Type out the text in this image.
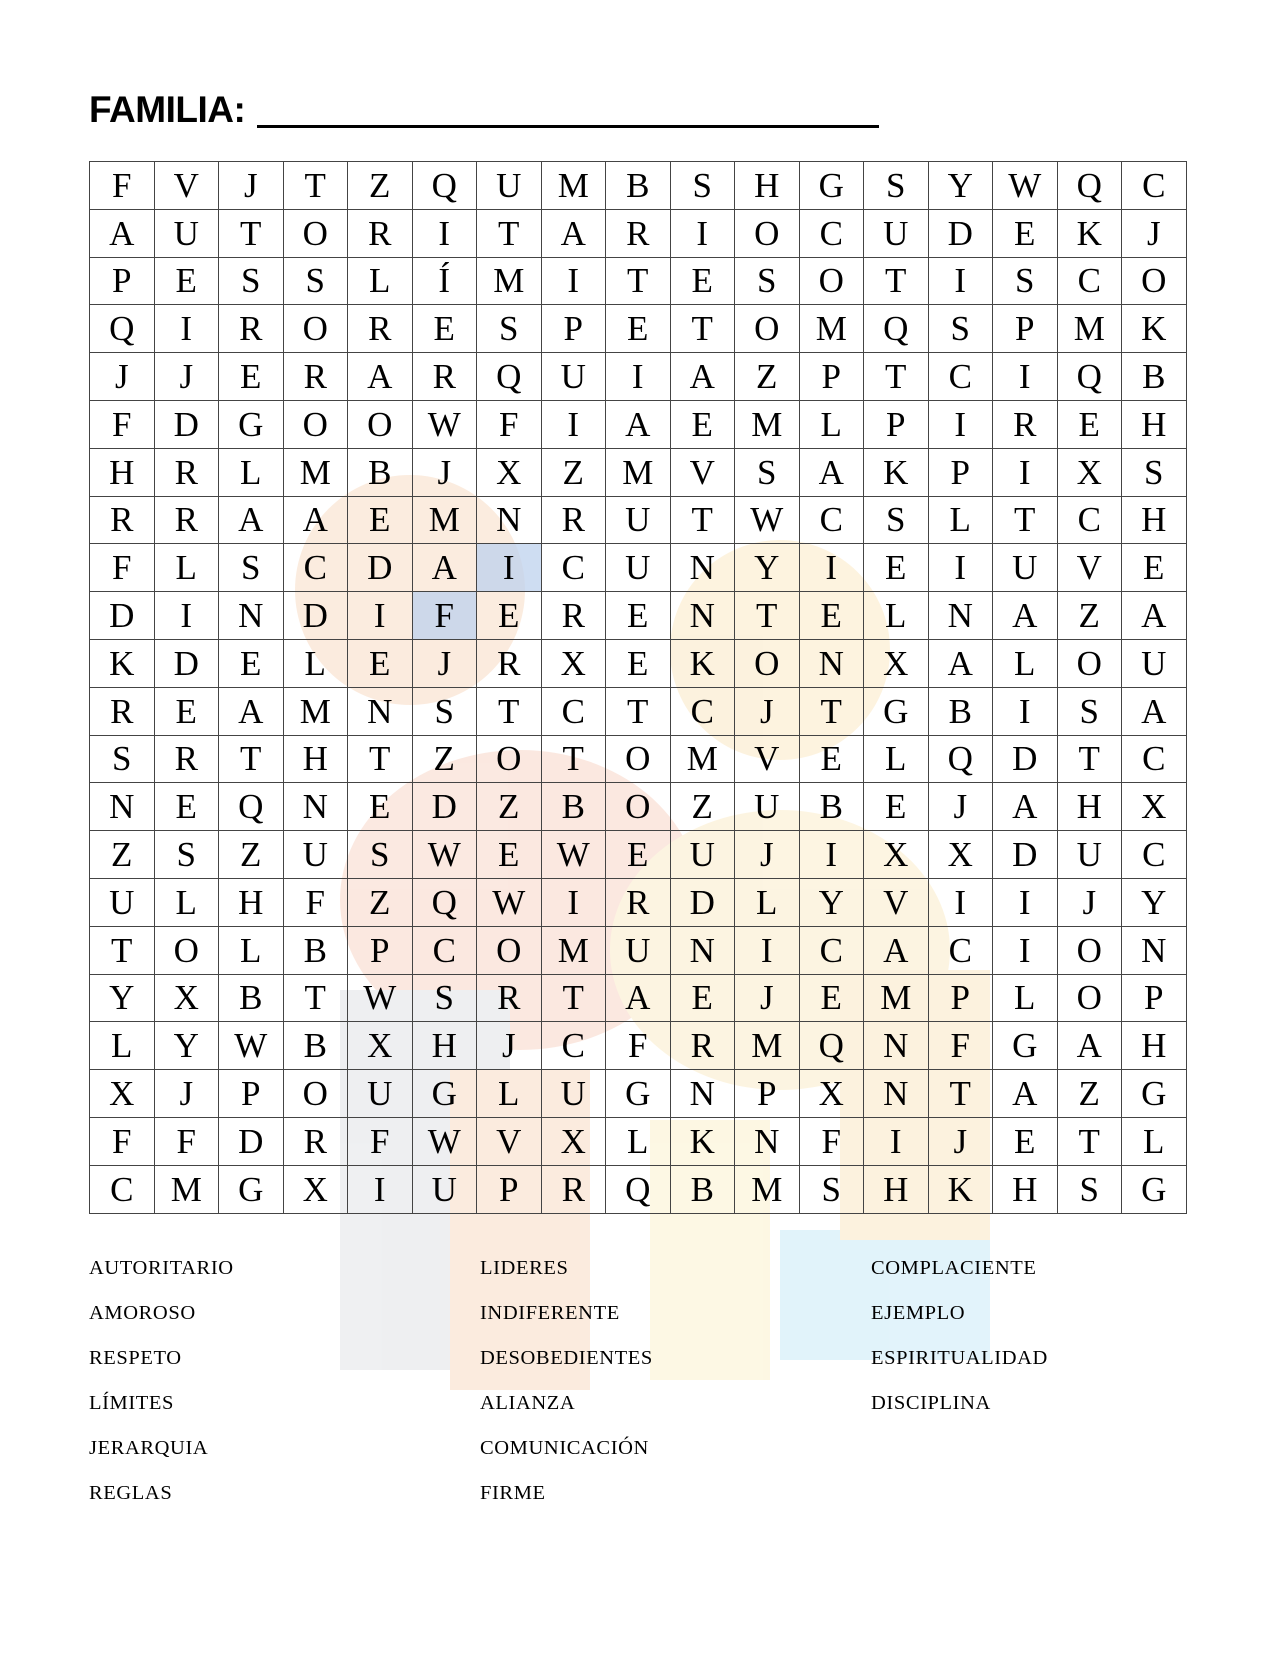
FAMILIA:
F	V	J	T	Z	Q	U	M	B	S	H	G	S	Y	W	Q	C
A	U	T	O	R	I	T	A	R	I	O	C	U	D	E	K	J
P	E	S	S	L	Í	M	I	T	E	S	O	T	I	S	C	O
Q	I	R	O	R	E	S	P	E	T	O	M	Q	S	P	M	K
J	J	E	R	A	R	Q	U	I	A	Z	P	T	C	I	Q	B
F	D	G	O	O	W	F	I	A	E	M	L	P	I	R	E	H
H	R	L	M	B	J	X	Z	M	V	S	A	K	P	I	X	S
R	R	A	A	E	M	N	R	U	T	W	C	S	L	T	C	H
F	L	S	C	D	A	I	C	U	N	Y	I	E	I	U	V	E
D	I	N	D	I	F	E	R	E	N	T	E	L	N	A	Z	A
K	D	E	L	E	J	R	X	E	K	O	N	X	A	L	O	U
R	E	A	M	N	S	T	C	T	C	J	T	G	B	I	S	A
S	R	T	H	T	Z	O	T	O	M	V	E	L	Q	D	T	C
N	E	Q	N	E	D	Z	B	O	Z	U	B	E	J	A	H	X
Z	S	Z	U	S	W	E	W	E	U	J	I	X	X	D	U	C
U	L	H	F	Z	Q	W	I	R	D	L	Y	V	I	I	J	Y
T	O	L	B	P	C	O	M	U	N	I	C	A	C	I	O	N
Y	X	B	T	W	S	R	T	A	E	J	E	M	P	L	O	P
L	Y	W	B	X	H	J	C	F	R	M	Q	N	F	G	A	H
X	J	P	O	U	G	L	U	G	N	P	X	N	T	A	Z	G
F	F	D	R	F	W	V	X	L	K	N	F	I	J	E	T	L
C	M	G	X	I	U	P	R	Q	B	M	S	H	K	H	S	G
AUTORITARIO
AMOROSO
RESPETO
LÍMITES
JERARQUIA
REGLAS
LIDERES
INDIFERENTE
DESOBEDIENTES
ALIANZA
COMUNICACIÓN
FIRME
COMPLACIENTE
EJEMPLO
ESPIRITUALIDAD
DISCIPLINA
